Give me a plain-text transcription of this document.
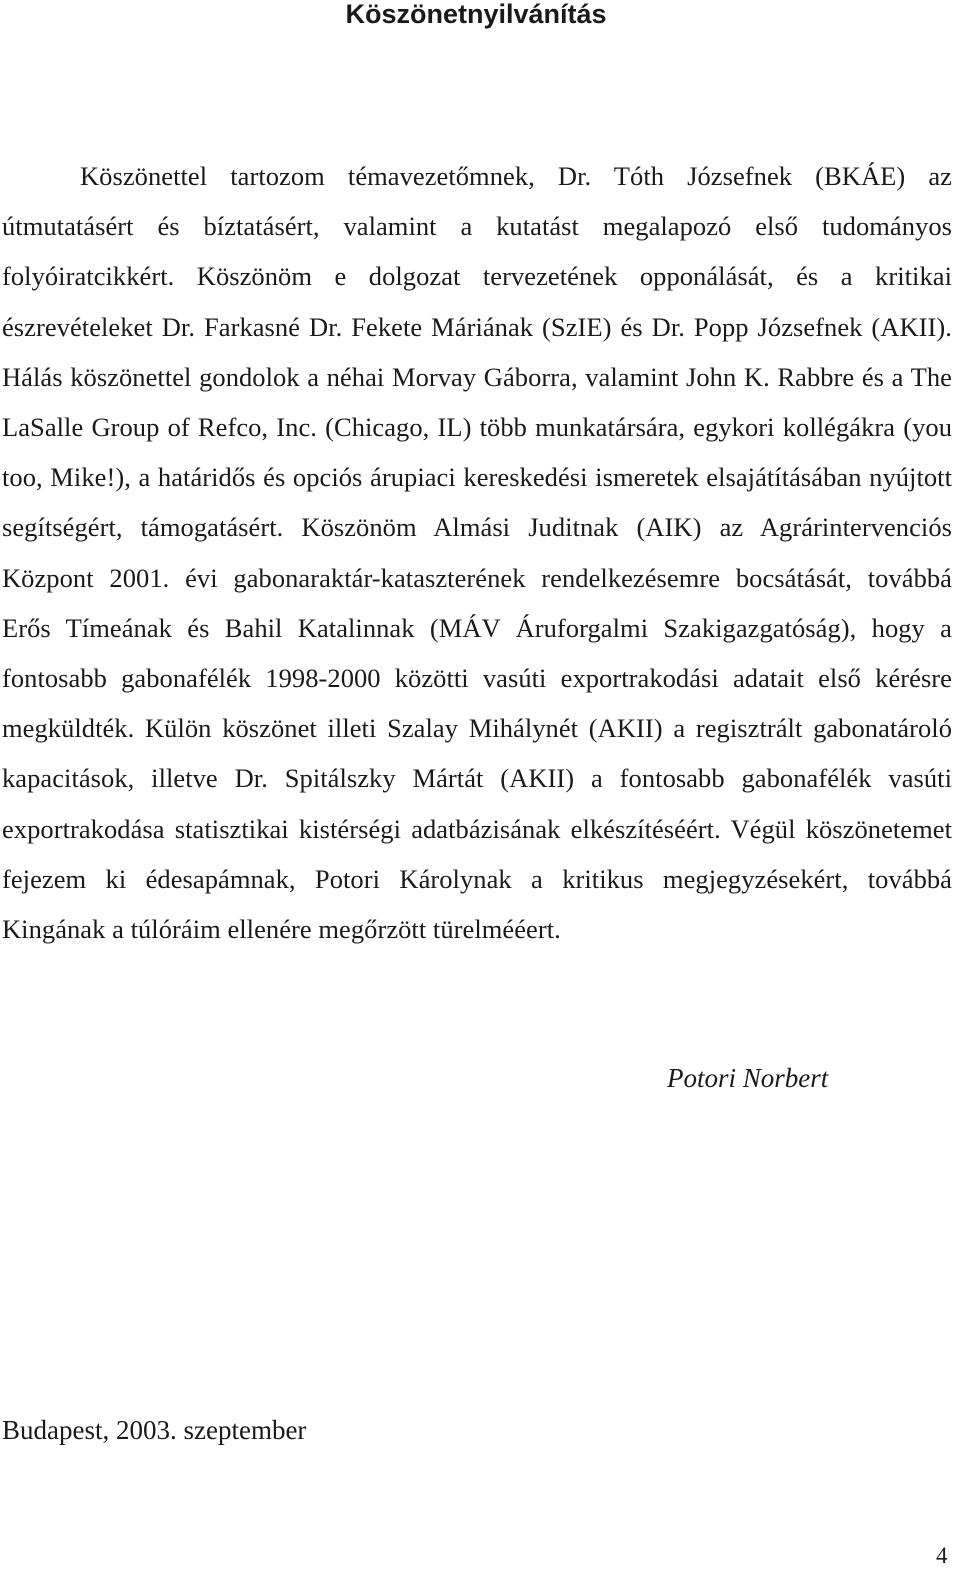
Köszönetnyilvánítás

Köszönettel tartozom témavezetőmnek, Dr. Tóth Józsefnek (BKÁE) az útmutatásért és bíztatásért, valamint a kutatást megalapozó első tudományos folyóiratcikkért. Köszönöm e dolgozat tervezetének opponálását, és a kritikai észrevételeket Dr. Farkasné Dr. Fekete Máriának (SzIE) és Dr. Popp Józsefnek (AKII). Hálás köszönettel gondolok a néhai Morvay Gáborra, valamint John K. Rabbre és a The LaSalle Group of Refco, Inc. (Chicago, IL) több munkatársára, egykori kollégákra (you too, Mike!), a határidős és opciós árupiaci kereskedési ismeretek elsajátításában nyújtott segítségért, támogatásért. Köszönöm Almási Juditnak (AIK) az Agrárintervenciós Központ 2001. évi gabonaraktár-kataszterének rendelkezésemre bocsátását, továbbá Erős Tímeának és Bahil Katalinnak (MÁV Áruforgalmi Szakigazgatóság), hogy a fontosabb gabonafélék 1998-2000 közötti vasúti exportrakodási adatait első kérésre megküldték. Külön köszönet illeti Szalay Mihálynét (AKII) a regisztrált gabonatároló kapacitások, illetve Dr. Spitálszky Mártát (AKII) a fontosabb gabonafélék vasúti exportrakodása statisztikai kistérségi adatbázisának elkészítéséért. Végül köszönetemet fejezem ki édesapámnak, Potori Károlynak a kritikus megjegyzésekért, továbbá Kingának a túlóráim ellenére megőrzött türelmééert.

Potori Norbert
Budapest, 2003. szeptember
4
